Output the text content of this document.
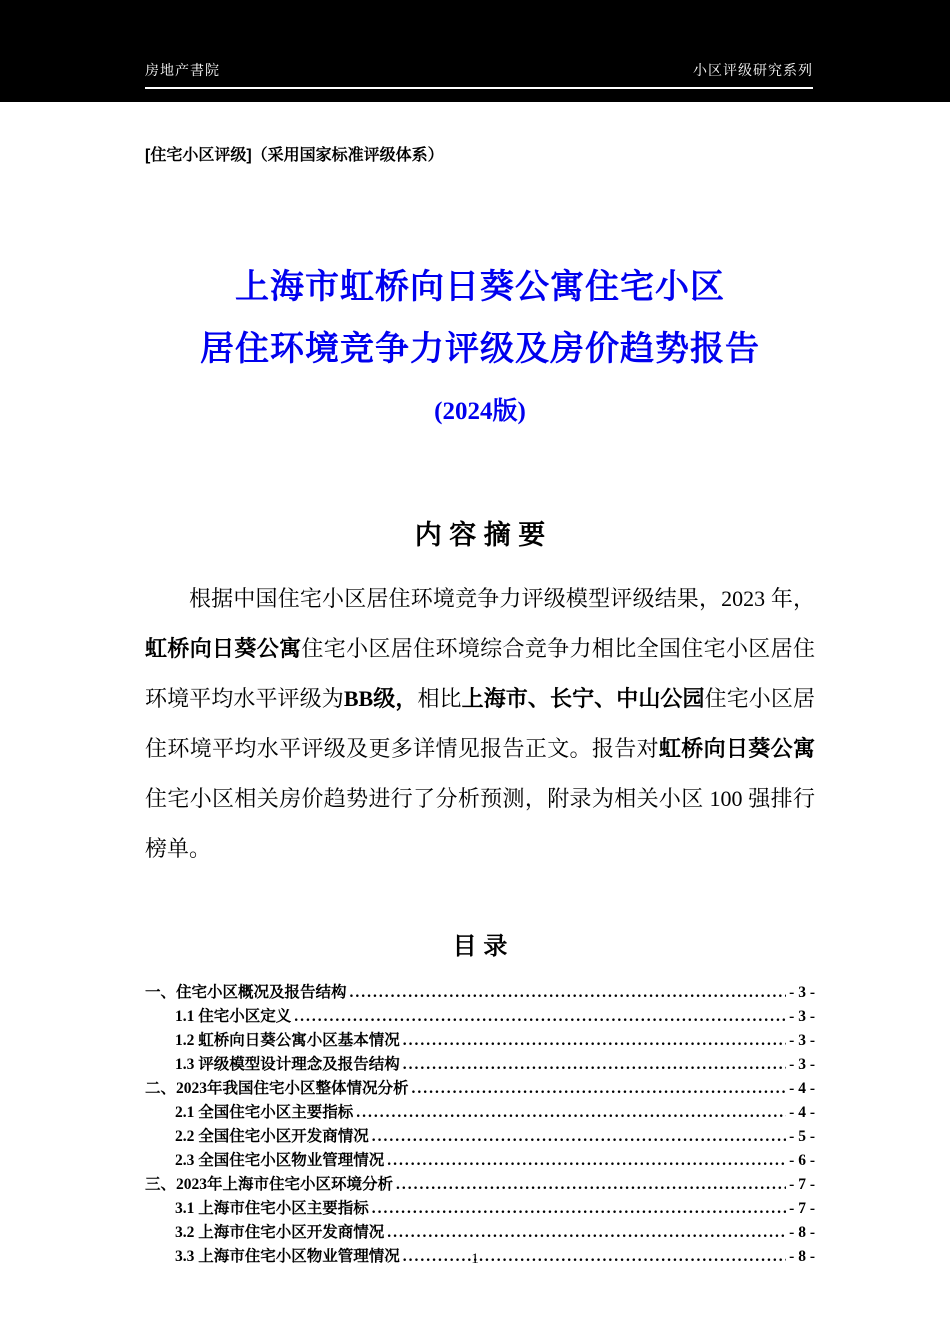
房地产書院	小区评级研究系列

[住宅小区评级]（采用国家标准评级体系）

上海市虹桥向日葵公寓住宅小区
居住环境竞争力评级及房价趋势报告
(2024版)
内 容 摘 要

根据中国住宅小区居住环境竞争力评级模型评级结果，2023 年，虹桥向日葵公寓住宅小区居住环境综合竞争力相比全国住宅小区居住环境平均水平评级为BB级，相比上海市、长宁、中山公园住宅小区居住环境平均水平评级及更多详情见报告正文。报告对虹桥向日葵公寓住宅小区相关房价趋势进行了分析预测，附录为相关小区 100 强排行榜单。

目 录
一、住宅小区概况及报告结构 .....	- 3 -
1.1 住宅小区定义 .....	- 3 -
1.2 虹桥向日葵公寓小区基本情况 .....	- 3 -
1.3 评级模型设计理念及报告结构 .....	- 3 -
二、2023年我国住宅小区整体情况分析 .....	- 4 -
2.1 全国住宅小区主要指标 .....	- 4 -
2.2 全国住宅小区开发商情况 .....	- 5 -
2.3 全国住宅小区物业管理情况 .....	- 6 -
三、2023年上海市住宅小区环境分析 .....	- 7 -
3.1 上海市住宅小区主要指标 .....	- 7 -
3.2 上海市住宅小区开发商情况 .....	- 8 -
3.3 上海市住宅小区物业管理情况 .....	- 8 -
1
